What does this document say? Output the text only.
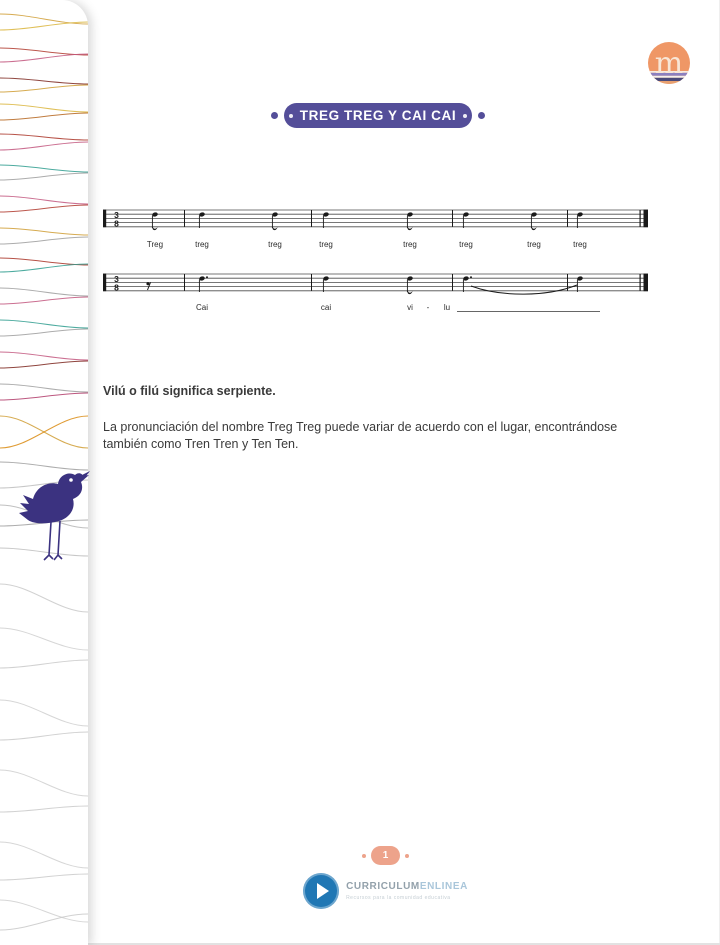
m
TREG TREG Y CAI CAI
3
8
Treg	treg	treg	treg	treg	treg	treg	treg
3
8
Cai	cai	vi - lu

Vilú o filú significa serpiente.

La pronunciación del nombre Treg Treg puede variar de acuerdo con el lugar, encontrándose también como Tren Tren y Ten Ten.

1
CURRICULUMENLINEA
Recursos para la comunidad educativa
